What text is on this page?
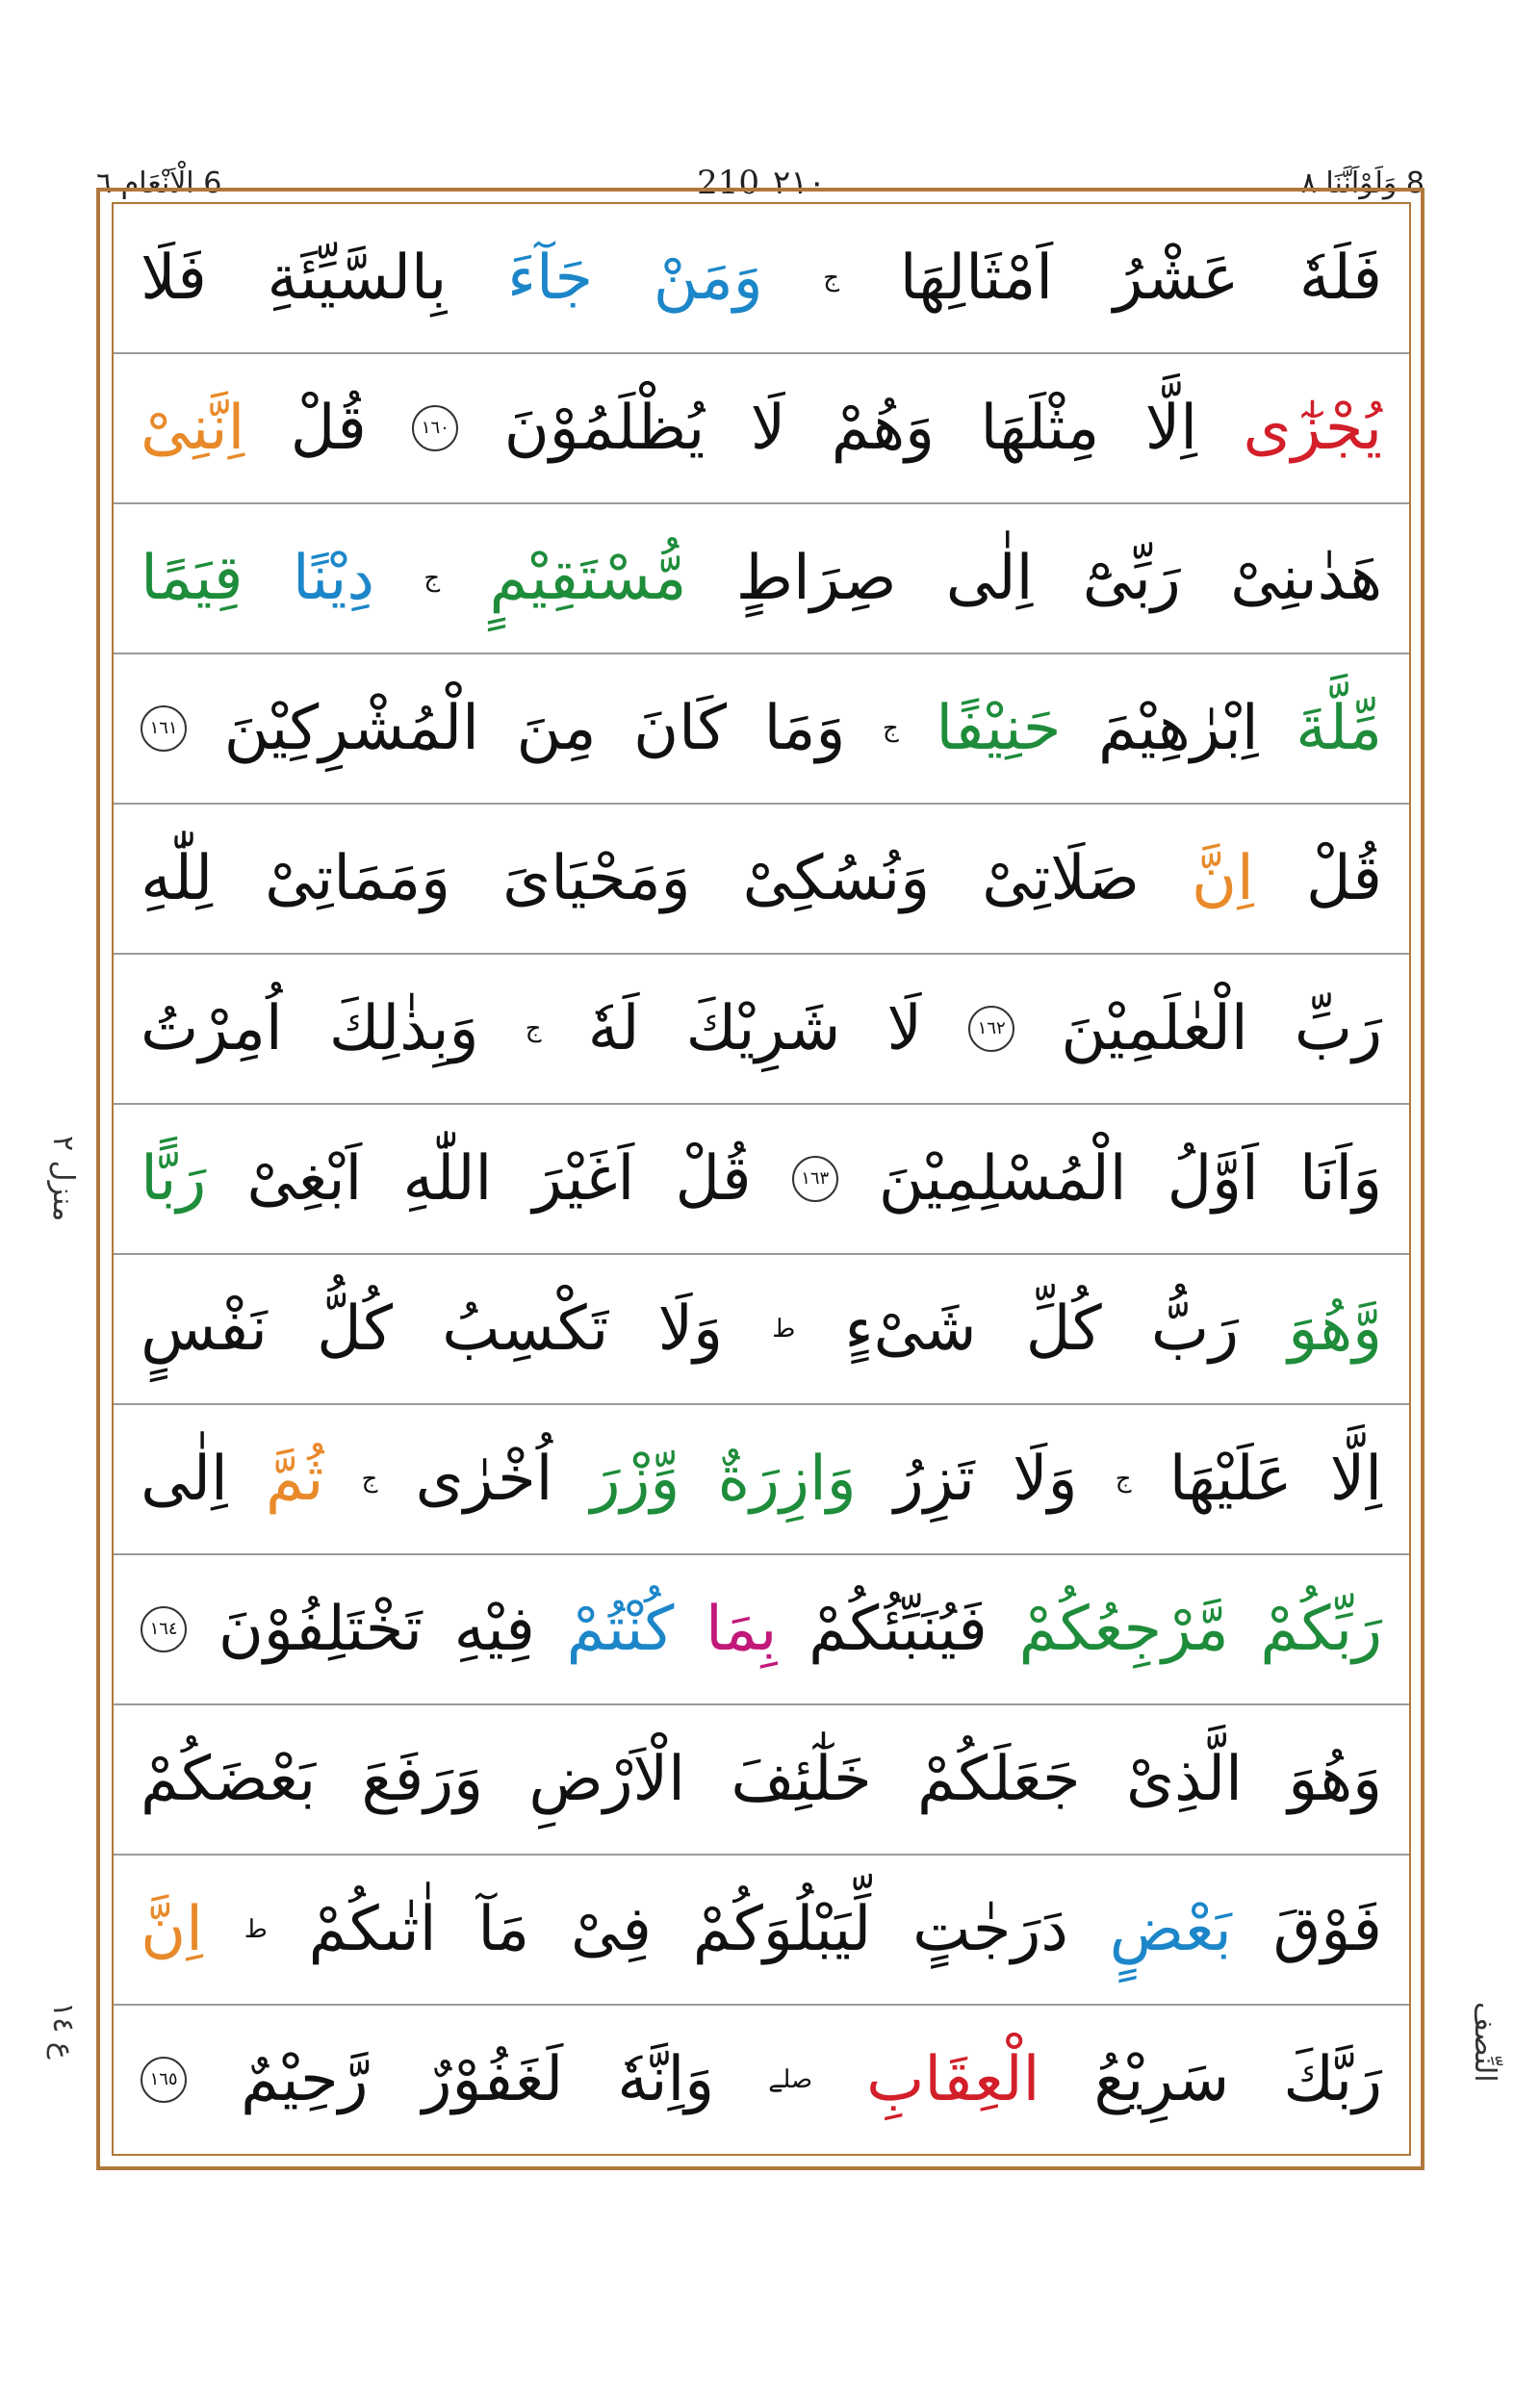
6 الْاَنْعَام ٦	٢١٠
210	8 وَلَوْاَنَّنَا ٨
فَلَهٗ
عَشْرُ
اَمْثَالِهَا
ج
وَمَنْ
جَآءَ
بِالسَّيِّئَةِ
فَلَا
يُجْزٰٓى
اِلَّا
مِثْلَهَا
وَهُمْ
لَا
يُظْلَمُوْنَ
١٦٠
قُلْ
اِنَّنِىْ
هَدٰٮنِىْ
رَبِّىْٓ
اِلٰى
صِرَاطٍ
مُّسْتَقِيْمٍ
ج
دِيْنًا
قِيَمًا
مِّلَّةَ
اِبْرٰهِيْمَ
حَنِيْفًا
ج
وَمَا
كَانَ
مِنَ
الْمُشْرِكِيْنَ
١٦١
قُلْ
اِنَّ
صَلَاتِىْ
وَنُسُكِىْ
وَمَحْيَاىَ
وَمَمَاتِىْ
لِلّٰهِ
رَبِّ
الْعٰلَمِيْنَ
١٦٢
لَا
شَرِيْكَ
لَهٗ
ج
وَبِذٰلِكَ
اُمِرْتُ
وَاَنَا
اَوَّلُ
الْمُسْلِمِيْنَ
١٦٣
قُلْ
اَغَيْرَ
اللّٰهِ
اَبْغِىْ
رَبًّا
وَّهُوَ
رَبُّ
كُلِّ
شَىْءٍ
ط
وَلَا
تَكْسِبُ
كُلُّ
نَفْسٍ
اِلَّا
عَلَيْهَا
ج
وَلَا
تَزِرُ
وَازِرَةٌ
وِّزْرَ
اُخْرٰى
ج
ثُمَّ
اِلٰى
رَبِّكُمْ
مَّرْجِعُكُمْ
فَيُنَبِّئُكُمْ
بِمَا
كُنْتُمْ
فِيْهِ
تَخْتَلِفُوْنَ
١٦٤
وَهُوَ
الَّذِىْ
جَعَلَكُمْ
خَلٰٓئِفَ
الْاَرْضِ
وَرَفَعَ
بَعْضَكُمْ
فَوْقَ
بَعْضٍ
دَرَجٰتٍ
لِّيَبْلُوَكُمْ
فِىْ
مَآ
اٰتٰٮكُمْ
ط
اِنَّ
رَبَّكَ
سَرِيْعُ
الْعِقَابِ
صلے
وَاِنَّهٗ
لَغَفُوْرٌ
رَّحِيْمٌ
١٦٥
منزل ٢
ع ١٤	النِّصف
